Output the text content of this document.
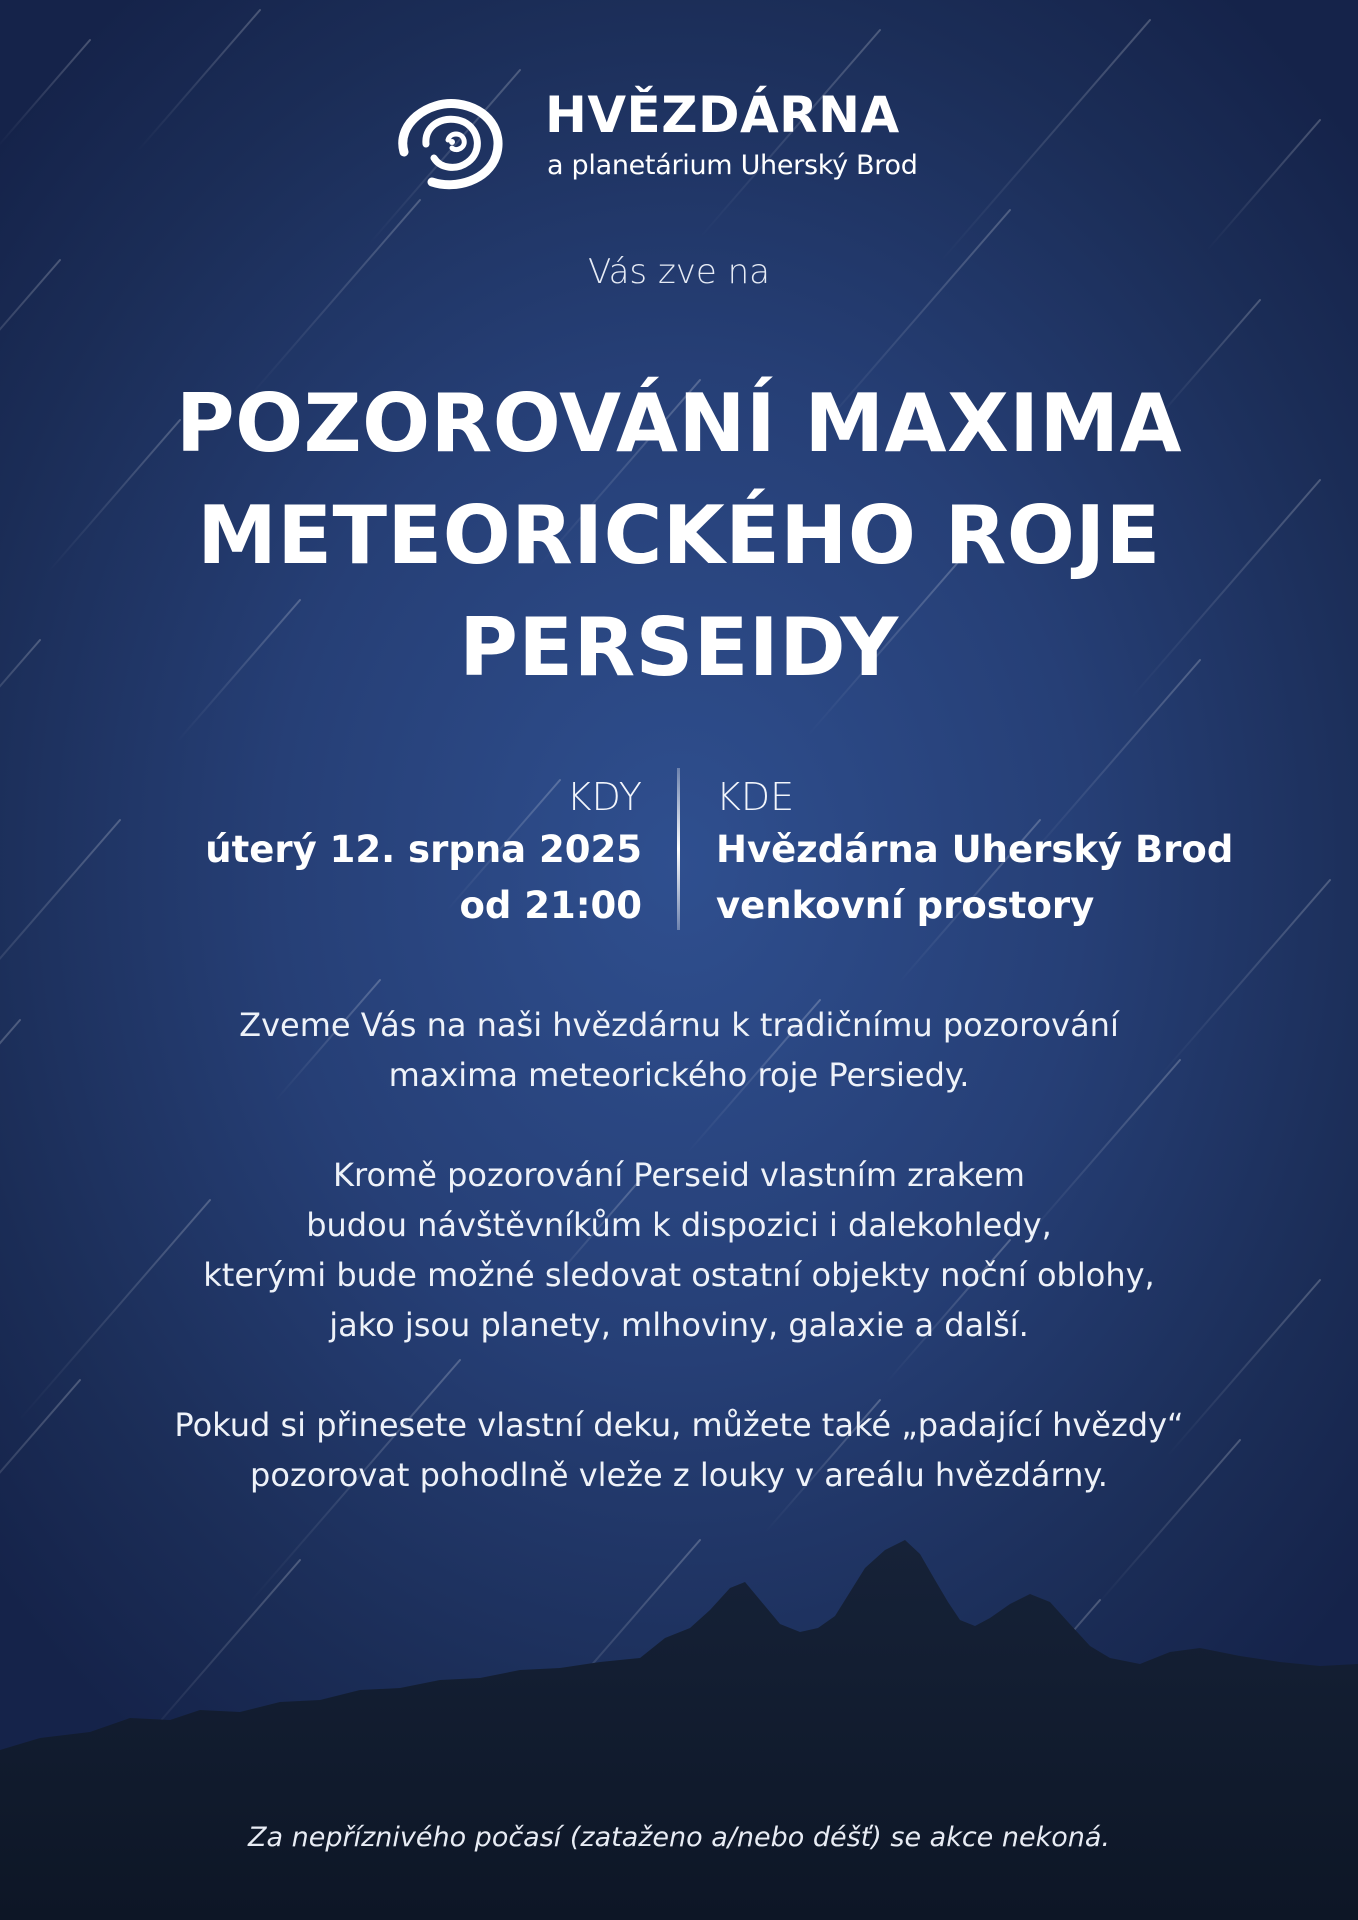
HVĚZDÁRNA
a planetárium Uherský Brod
Vás zve na
POZOROVÁNÍ MAXIMA
METEORICKÉHO ROJE
PERSEIDY
KDY
úterý 12. srpna 2025
od 21:00
KDE
Hvězdárna Uherský Brod
venkovní prostory

Zveme Vás na naši hvězdárnu k tradičnímu pozorování
maxima meteorického roje Persiedy.

Kromě pozorování Perseid vlastním zrakem
budou návštěvníkům k dispozici i dalekohledy,
kterými bude možné sledovat ostatní objekty noční oblohy,
jako jsou planety, mlhoviny, galaxie a další.

Pokud si přinesete vlastní deku, můžete také „padající hvězdy“
pozorovat pohodlně vleže z louky v areálu hvězdárny.

Za nepříznivého počasí (zataženo a/nebo déšť) se akce nekoná.
